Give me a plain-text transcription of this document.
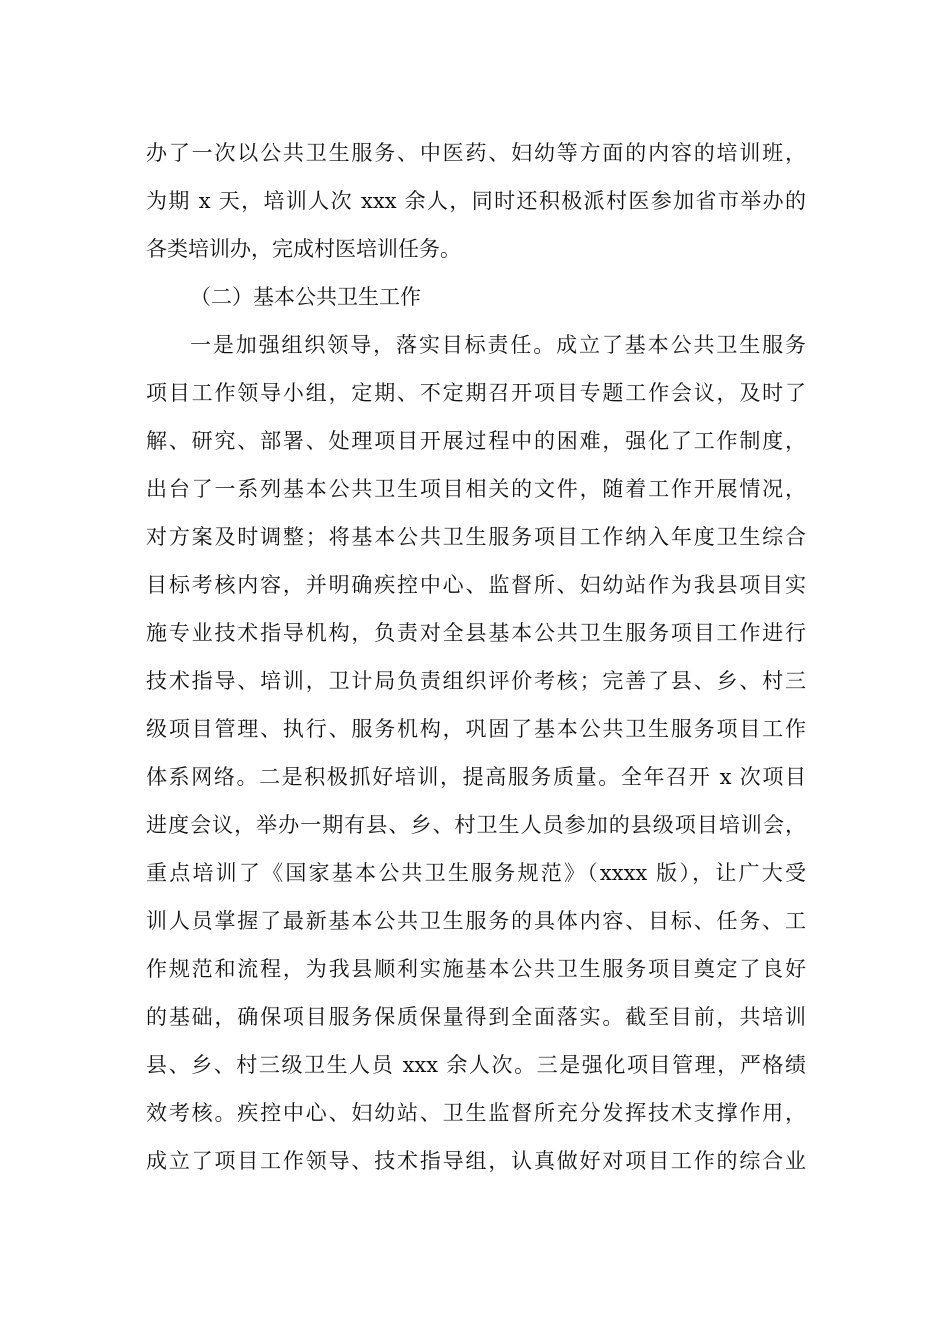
办了一次以公共卫生服务、中医药、妇幼等方面的内容的培训班，
为期 x 天，培训人次 xxx 余人，同时还积极派村医参加省市举办的
各类培训办，完成村医培训任务。
（二）基本公共卫生工作
一是加强组织领导，落实目标责任。成立了基本公共卫生服务
项目工作领导小组，定期、不定期召开项目专题工作会议，及时了
解、研究、部署、处理项目开展过程中的困难，强化了工作制度，
出台了一系列基本公共卫生项目相关的文件，随着工作开展情况，
对方案及时调整；将基本公共卫生服务项目工作纳入年度卫生综合
目标考核内容，并明确疾控中心、监督所、妇幼站作为我县项目实
施专业技术指导机构，负责对全县基本公共卫生服务项目工作进行
技术指导、培训，卫计局负责组织评价考核；完善了县、乡、村三
级项目管理、执行、服务机构，巩固了基本公共卫生服务项目工作
体系网络。二是积极抓好培训，提高服务质量。全年召开 x 次项目
进度会议，举办一期有县、乡、村卫生人员参加的县级项目培训会，
重点培训了《国家基本公共卫生服务规范》（xxxx 版），让广大受
训人员掌握了最新基本公共卫生服务的具体内容、目标、任务、工
作规范和流程，为我县顺利实施基本公共卫生服务项目奠定了良好
的基础，确保项目服务保质保量得到全面落实。截至目前，共培训
县、乡、村三级卫生人员 xxx 余人次。三是强化项目管理，严格绩
效考核。疾控中心、妇幼站、卫生监督所充分发挥技术支撑作用，
成立了项目工作领导、技术指导组，认真做好对项目工作的综合业
